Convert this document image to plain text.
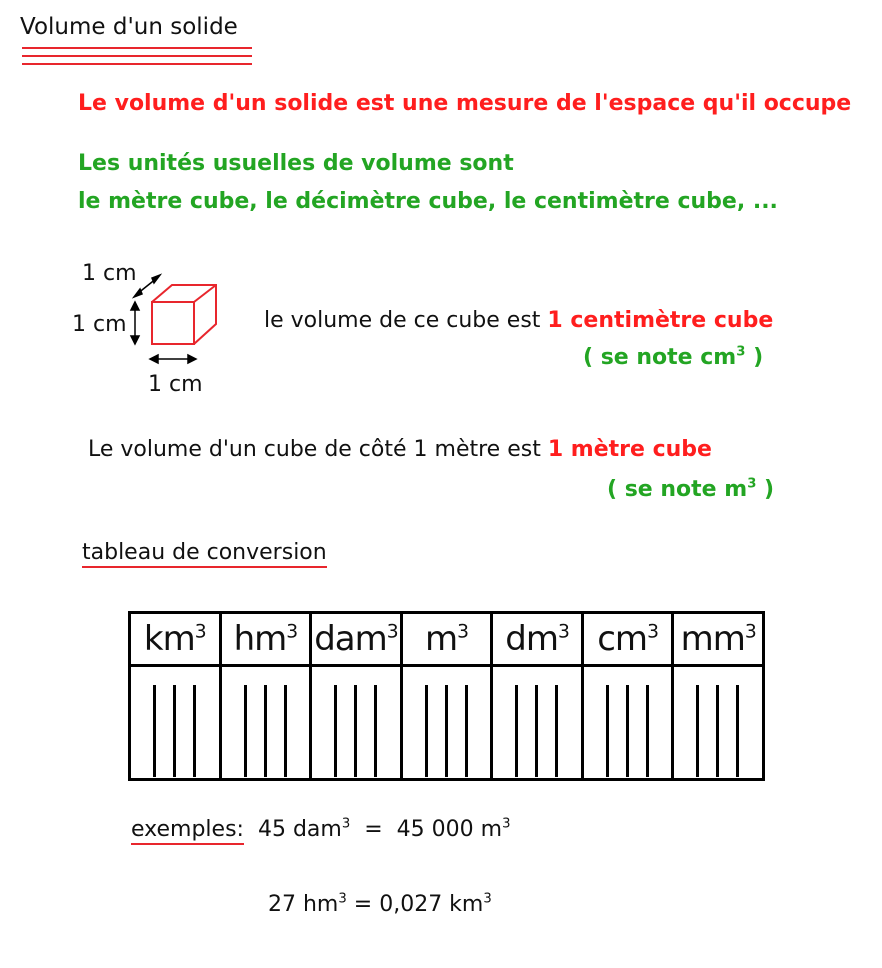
Volume d'un solide
Le volume d'un solide est une mesure de l'espace qu'il occupe
Les unités usuelles de volume sont
le mètre cube, le décimètre cube, le centimètre cube, ...
1 cm
1 cm
1 cm
le volume de ce cube est 1 centimètre cube
( se note $cm^3$ )
Le volume d'un cube de côté 1 mètre est 1 mètre cube
( se note $m^3$ )
tableau de conversion
$km^3$	$hm^3$	dam$^3$	$m^3$	$dm^3$	$cm^3$	$mm^3$

exemples: 45 dam$^3$ = 45 000 $m^3$
27 $hm^3 = 0,027$ $km^3$
